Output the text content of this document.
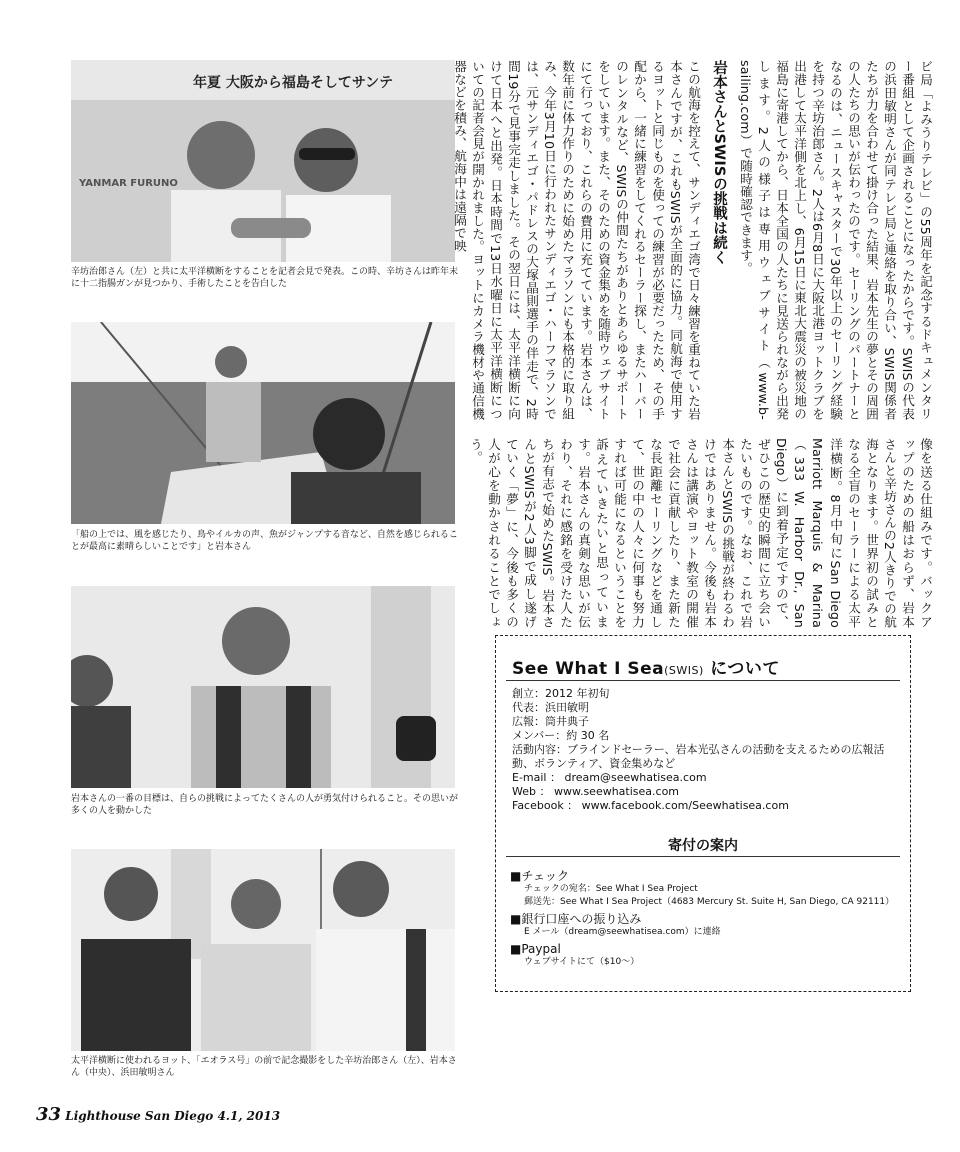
年夏 大阪から福島そしてサンテ
YANMAR FURUNO
辛坊治郎さん（左）と共に太平洋横断をすることを記者会見で発表。この時、辛坊さんは昨年末に十二指腸ガンが見つかり、手術したことを告白した
「船の上では、風を感じたり、鳥やイルカの声、魚がジャンプする音など、自然を感じられることが最高に素晴らしいことです」と岩本さん
岩本さんの一番の目標は、自らの挑戦によってたくさんの人が勇気付けられること。その思いが多くの人を動かした
太平洋横断に使われるヨット、「エオラス号」の前で記念撮影をした辛坊治郎さん（左）、岩本さん（中央）、浜田敏明さん

ビ局「よみうりテレビ」の55周年を記念するドキュメンタリー番組として企画されることになったからです。SWISの代表の浜田敏明さんが同テレビ局と連絡を取り合い、SWIS関係者たちが力を合わせて掛け合った結果、岩本先生の夢とその周囲の人たちの思いが伝わったのです。セーリングのパートナーとなるのは、ニュースキャスターで30年以上のセーリング経験を持つ辛坊治郎さん。2人は6月8日に大阪北港ヨットクラブを出港して太平洋側を北上し、6月15日に東北大震災の被災地の福島に寄港してから、日本全国の人たちに見送られながら出発します。2人の様子は専用ウェブサイト（www.b-sailing.com）で随時確認できます。

岩本さんとSWISの挑戦は続く

この航海を控えて、サンディエゴ湾で日々練習を重ねていた岩本さんですが、これもSWISが全面的に協力。同航海で使用するヨットと同じものを使っての練習が必要だったため、その手配から、一緒に練習をしてくれるセーラー探し、またハーバーのレンタルなど、SWISの仲間たちがありとあらゆるサポートをしています。また、そのための資金集めを随時ウェブサイトにて行っており、これらの費用に充てています。岩本さんは、数年前に体力作りのために始めたマラソンにも本格的に取り組み、今年3月10日に行われたサンディエゴ・ハーフマラソンでは、元サンディエゴ・パドレスの大塚晶則選手の伴走で、2時間19分で見事完走しました。その翌日には、太平洋横断に向けて日本へと出発。日本時間で13日水曜日に太平洋横断についての記者会見が開かれました。ヨットにカメラ機材や通信機器などを積み、航海中は遠隔で映

像を送る仕組みです。バックアップのための船はおらず、岩本さんと辛坊さんの2人きりでの航海となります。世界初の試みとなる全盲のセーラーによる太平洋横断。8月中旬にSan Diego Marriott Marquis & Marina（333 W. Harbor Dr., San Diego）に到着予定ですので、ぜひこの歴史的瞬間に立ち会いたいものです。なお、これで岩本さんとSWISの挑戦が終わるわけではありません。今後も岩本さんは講演やヨット教室の開催で社会に貢献したり、また新たな長距離セーリングなどを通して、世の中の人々に何事も努力すれば可能になるということを訴えていきたいと思っています。岩本さんの真剣な思いが伝わり、それに感銘を受けた人たちが有志で始めたSWIS。岩本さんとSWISが2人3脚で成し遂げていく「夢」に、今後も多くの人が心を動かされることでしょう。

See What I Sea(SWIS) について
創立：2012 年初旬
代表：浜田敏明
広報：筒井典子
メンバー：約 30 名
活動内容：ブラインドセーラー、岩本光弘さんの活動を支えるための広報活動、ボランティア、資金集めなど
E-mail ： dream@seewhatisea.com
Web ： www.seewhatisea.com
Facebook ： www.facebook.com/Seewhatisea.com
寄付の案内
■チェック
チェックの宛名：See What I Sea Project
郵送先：See What I Sea Project（4683 Mercury St. Suite H, San Diego, CA 92111）
■銀行口座への振り込み
E メール（dream@seewhatisea.com）に連絡
■Paypal
ウェブサイトにて（$10～）
33 Lighthouse San Diego 4.1, 2013
